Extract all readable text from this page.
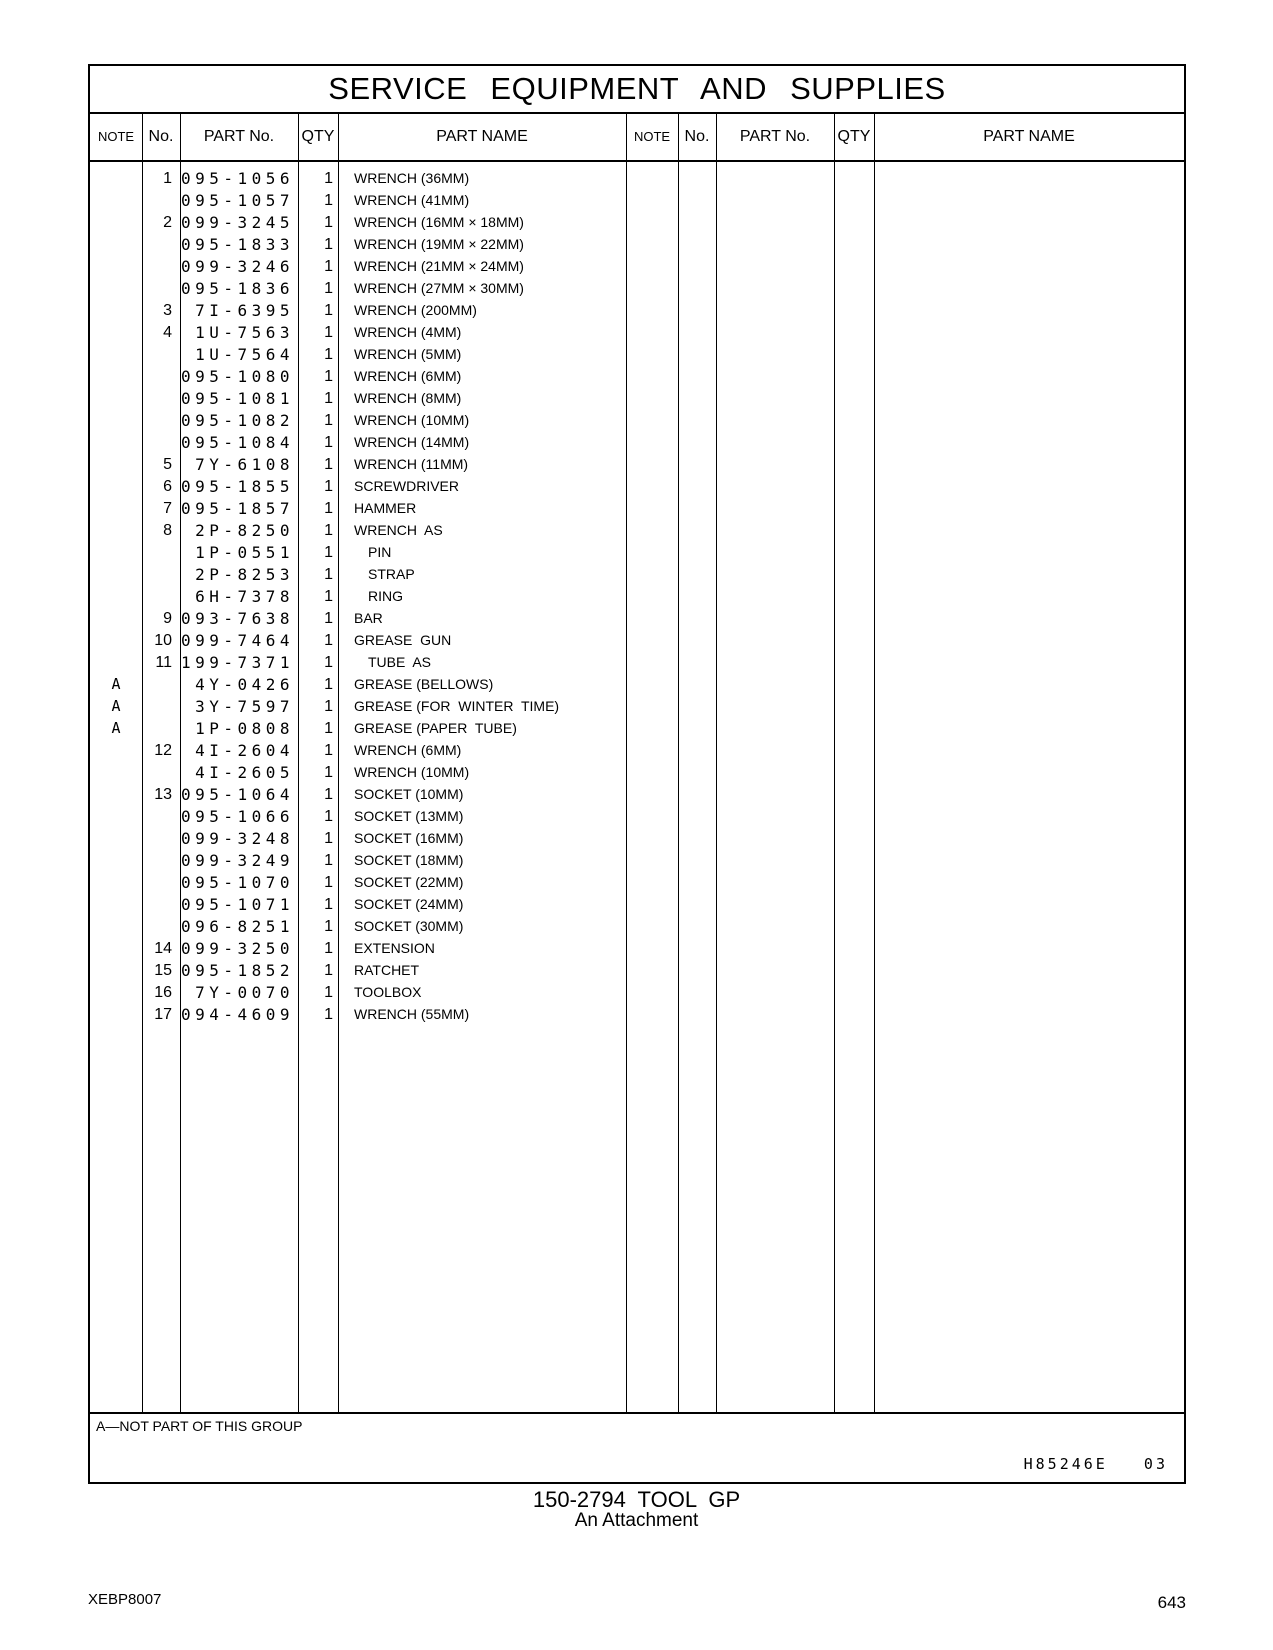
SERVICE EQUIPMENT AND SUPPLIES
NOTE No.	PART No.	QTY	PART NAME	NOTE No.	PART No.	QTY	PART NAME
1 095-1056	1 WRENCH (36MM)
095-1057	1 WRENCH (41MM)
2 099-3245	1 WRENCH (16MM × 18MM)
095-1833	1 WRENCH (19MM × 22MM)
099-3246	1 WRENCH (21MM × 24MM)
095-1836	1 WRENCH (27MM × 30MM)
3	7I-6395	1 WRENCH (200MM)
4	1U-7563	1 WRENCH (4MM)
1U-7564	1 WRENCH (5MM)
095-1080	1 WRENCH (6MM)
095-1081	1 WRENCH (8MM)
095-1082	1 WRENCH (10MM)
095-1084	1 WRENCH (14MM)
5	7Y-6108	1 WRENCH (11MM)
6 095-1855	1 SCREWDRIVER
7 095-1857	1 HAMMER
8	2P-8250	1 WRENCH  AS
1P-0551	1	PIN
2P-8253	1	STRAP
6H-7378	1	RING
9 093-7638	1 BAR
10 099-7464	1 GREASE  GUN
11 199-7371	1	TUBE  AS
A	4Y-0426	1 GREASE (BELLOWS)
A	3Y-7597	1 GREASE (FOR  WINTER  TIME)
A	1P-0808	1 GREASE (PAPER  TUBE)
12	4I-2604	1 WRENCH (6MM)
4I-2605	1 WRENCH (10MM)
13 095-1064	1 SOCKET (10MM)
095-1066	1 SOCKET (13MM)
099-3248	1 SOCKET (16MM)
099-3249	1 SOCKET (18MM)
095-1070	1 SOCKET (22MM)
095-1071	1 SOCKET (24MM)
096-8251	1 SOCKET (30MM)
14 099-3250	1 EXTENSION
15 095-1852	1 RATCHET
16	7Y-0070	1 TOOLBOX
17 094-4609	1 WRENCH (55MM)
A—NOT PART OF THIS GROUP
H85246E   03
150-2794 TOOL GP
An Attachment
XEBP8007	643
